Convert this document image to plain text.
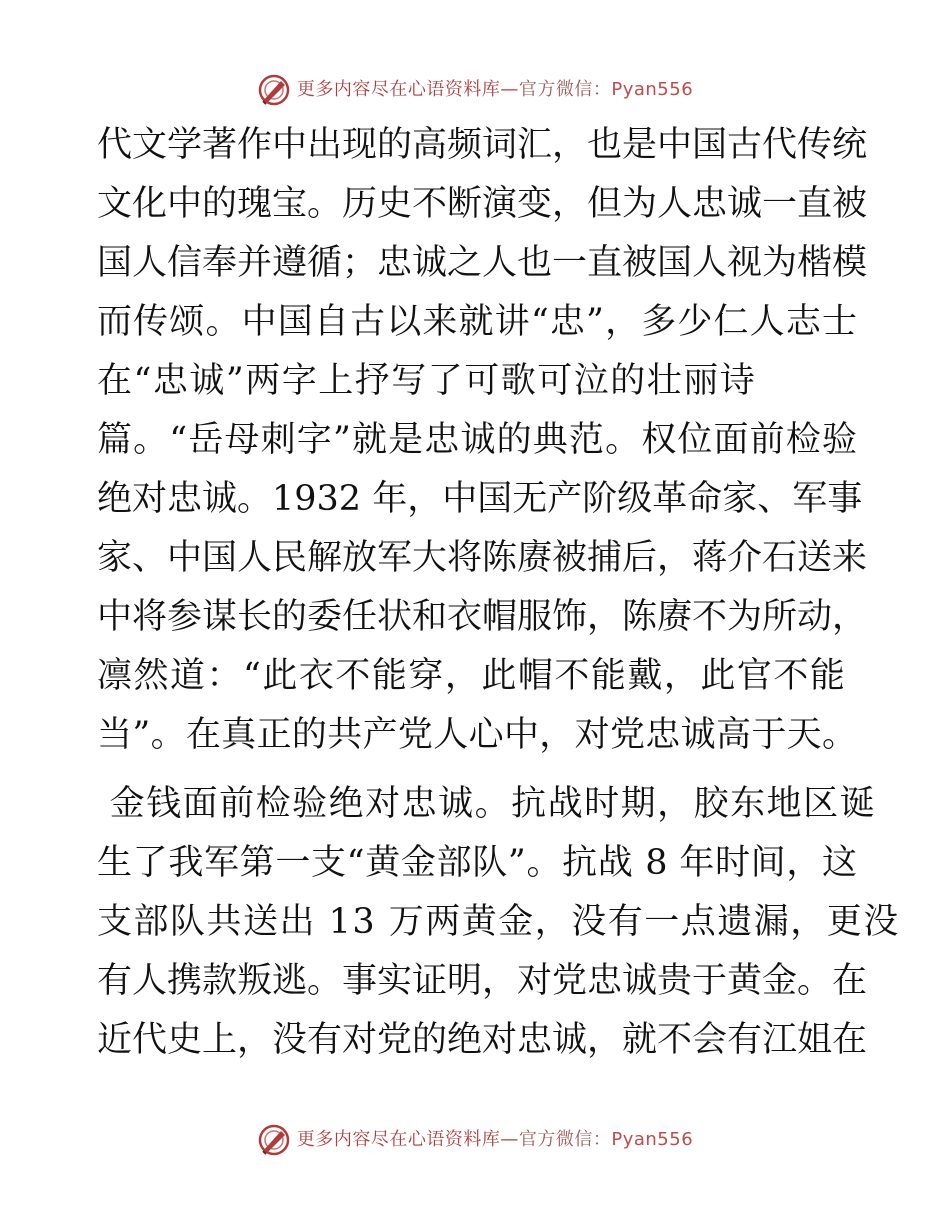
更多内容尽在心语资料库—官方微信：Pyan556
代文学著作中出现的高频词汇，也是中国古代传统
文化中的瑰宝。历史不断演变，但为人忠诚一直被
国人信奉并遵循；忠诚之人也一直被国人视为楷模
而传颂。中国自古以来就讲“忠”，多少仁人志士
在“忠诚”两字上抒写了可歌可泣的壮丽诗
篇。“岳母刺字”就是忠诚的典范。权位面前检验
绝对忠诚。1932 年，中国无产阶级革命家、军事
家、中国人民解放军大将陈赓被捕后，蒋介石送来
中将参谋长的委任状和衣帽服饰，陈赓不为所动，
凛然道：“此衣不能穿，此帽不能戴，此官不能
当”。在真正的共产党人心中，对党忠诚高于天。
金钱面前检验绝对忠诚。抗战时期，胶东地区诞
生了我军第一支“黄金部队”。抗战 8 年时间，这
支部队共送出 13 万两黄金，没有一点遗漏，更没
有人携款叛逃。事实证明，对党忠诚贵于黄金。在
近代史上，没有对党的绝对忠诚，就不会有江姐在
更多内容尽在心语资料库—官方微信：Pyan556
